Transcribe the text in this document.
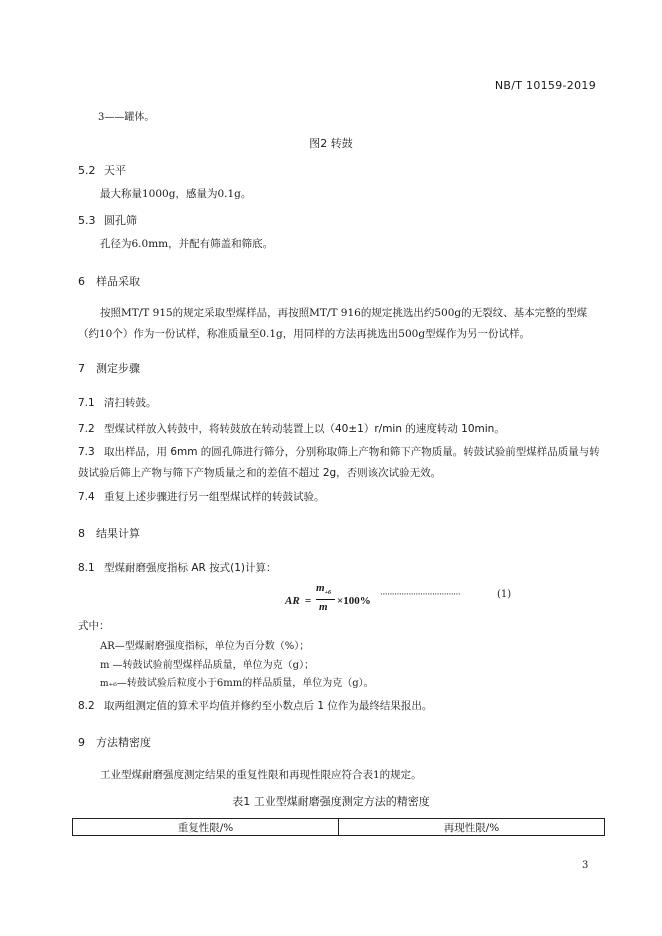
NB/T 10159-2019
3——罐体。
图2 转鼓
5.2 天平
最大称量1000g，感量为0.1g。
5.3 圆孔筛
孔径为6.0mm，并配有筛盖和筛底。
6 样品采取
按照MT/T 915的规定采取型煤样品，再按照MT/T 916的规定挑选出约500g的无裂纹、基本完整的型煤（约10个）作为一份试样，称准质量至0.1g，用同样的方法再挑选出500g型煤作为另一份试样。
7 测定步骤
7.1 清扫转鼓。
7.2 型煤试样放入转鼓中，将转鼓放在转动装置上以（40±1）r/min 的速度转动 10min。
7.3 取出样品，用 6mm 的圆孔筛进行筛分，分别称取筛上产物和筛下产物质量。转鼓试验前型煤样品质量与转鼓试验后筛上产物与筛下产物质量之和的差值不超过 2g，否则该次试验无效。
7.4 重复上述步骤进行另一组型煤试样的转鼓试验。
8 结果计算
8.1 型煤耐磨强度指标 AR 按式(1)计算：
AR =
$m_{+6}$
m ×100% ··································	(1)
式中：
AR—型煤耐磨强度指标，单位为百分数（%）；
m —转鼓试验前型煤样品质量，单位为克（g）；
m₊₆—转鼓试验后粒度小于6mm的样品质量，单位为克（g）。
8.2 取两组测定值的算术平均值并修约至小数点后 1 位作为最终结果报出。
9 方法精密度
工业型煤耐磨强度测定结果的重复性限和再现性限应符合表1的规定。
表1 工业型煤耐磨强度测定方法的精密度
重复性限/%	再现性限/%
3
